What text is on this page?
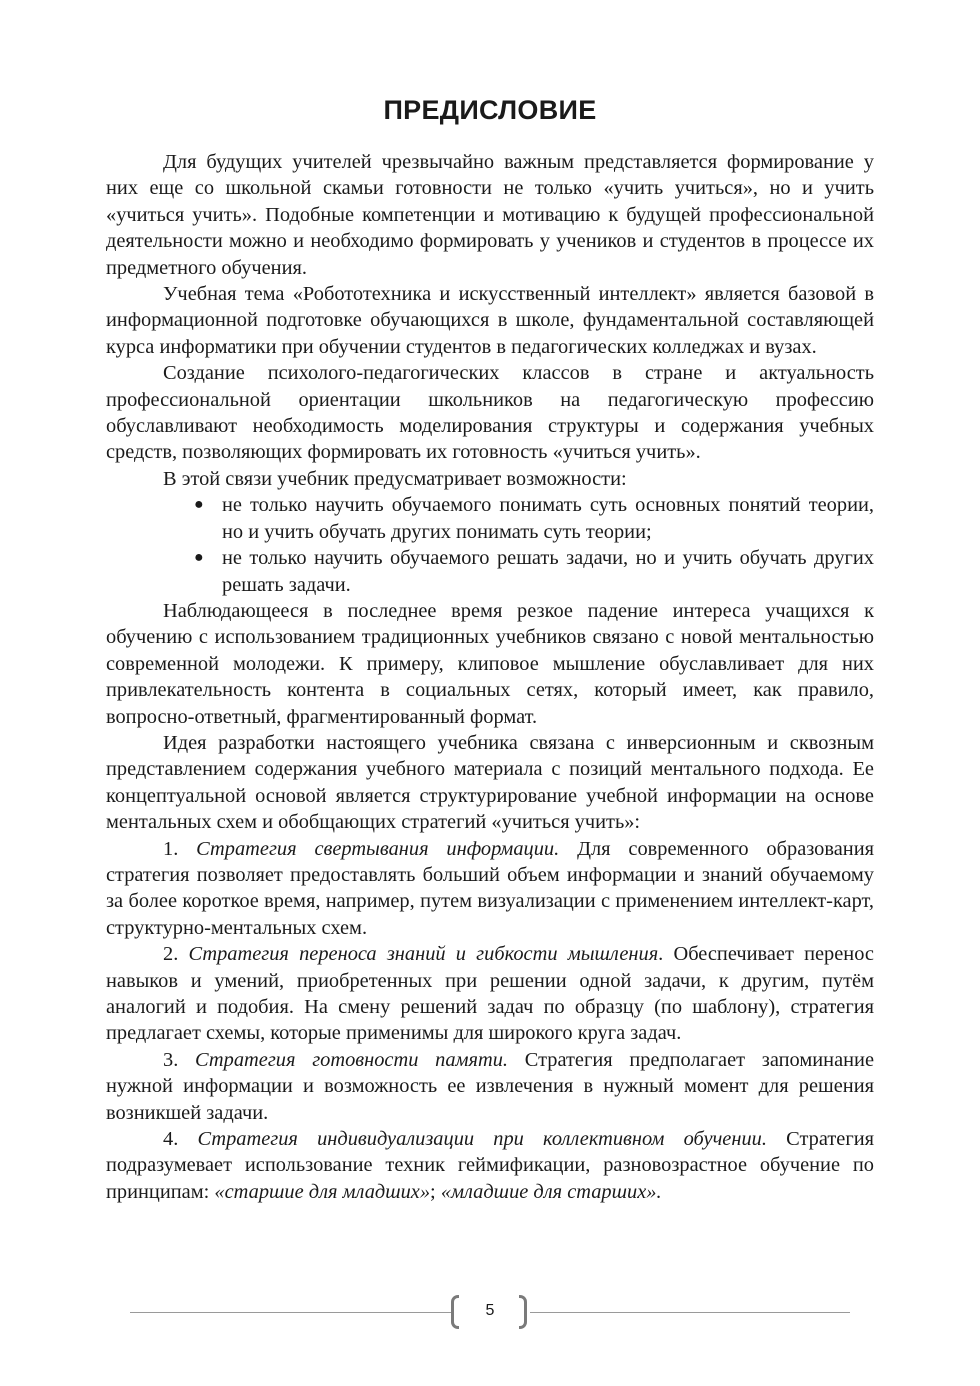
ПРЕДИСЛОВИЕ

Для будущих учителей чрезвычайно важным представляется формирование у них еще со школьной скамьи готовности не только «учить учиться», но и учить «учиться учить». Подобные компетенции и мотивацию к будущей профессиональной деятельности можно и необходимо формировать у учеников и студентов в процессе их предметного обучения.

Учебная тема «Робототехника и искусственный интеллект» является базовой в информационной подготовке обучающихся в школе, фундаментальной составляющей курса информатики при обучении студентов в педагогических колледжах и вузах.

Создание психолого-педагогических классов в стране и актуальность профессиональной ориентации школьников на педагогическую профессию обуславливают необходимость моделирования структуры и содержания учебных средств, позволяющих формировать их готовность «учиться учить».

В этой связи учебник предусматривает возможности:

● не только научить обучаемого понимать суть основных понятий теории, но и учить обучать других понимать суть теории;
● не только научить обучаемого решать задачи, но и учить обучать других решать задачи.

Наблюдающееся в последнее время резкое падение интереса учащихся к обучению с использованием традиционных учебников связано с новой ментальностью современной молодежи. К примеру, клиповое мышление обуславливает для них привлекательность контента в социальных сетях, который имеет, как правило, вопросно-ответный, фрагментированный формат.

Идея разработки настоящего учебника связана с инверсионным и сквозным представлением содержания учебного материала с позиций ментального подхода. Ее концептуальной основой является структурирование учебной информации на основе ментальных схем и обобщающих стратегий «учиться учить»:

1. Стратегия свертывания информации. Для современного образования стратегия позволяет предоставлять больший объем информации и знаний обучаемому за более короткое время, например, путем визуализации с применением интеллект-карт, структурно-ментальных схем.

2. Стратегия переноса знаний и гибкости мышления. Обеспечивает перенос навыков и умений, приобретенных при решении одной задачи, к другим, путём аналогий и подобия. На смену решений задач по образцу (по шаблону), стратегия предлагает схемы, которые применимы для широкого круга задач.

3. Стратегия готовности памяти. Стратегия предполагает запоминание нужной информации и возможность ее извлечения в нужный момент для решения возникшей задачи.

4. Стратегия индивидуализации при коллективном обучении. Стратегия подразумевает использование техник геймификации, разновозрастное обучение по принципам: «старшие для младших»; «младшие для старших».

5
